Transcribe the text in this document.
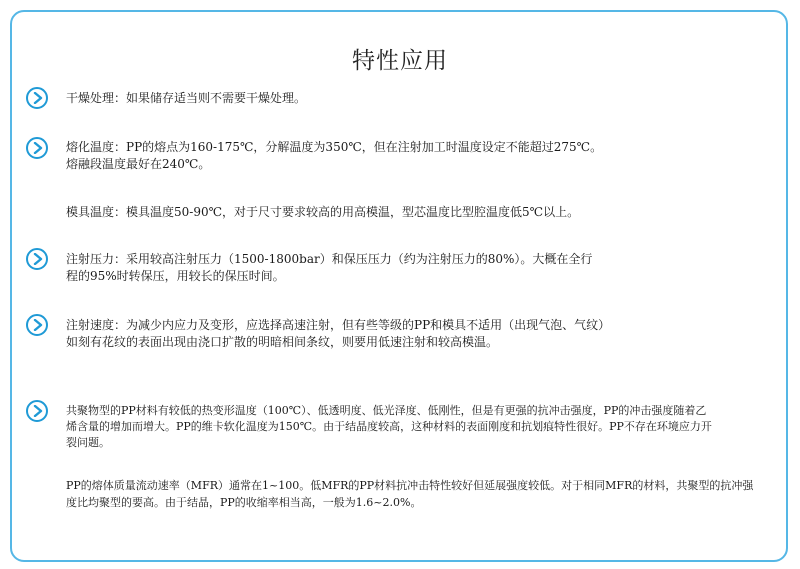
特性应用
干燥处理：如果储存适当则不需要干燥处理。
熔化温度：PP的熔点为160-175℃，分解温度为350℃，但在注射加工时温度设定不能超过275℃。
熔融段温度最好在240℃。
模具温度：模具温度50-90℃，对于尺寸要求较高的用高模温，型芯温度比型腔温度低5℃以上。
注射压力：采用较高注射压力（1500-1800bar）和保压压力（约为注射压力的80%）。大概在全行
程的95%时转保压，用较长的保压时间。
注射速度：为减少内应力及变形，应选择高速注射，但有些等级的PP和模具不适用（出现气泡、气纹）
如刻有花纹的表面出现由浇口扩散的明暗相间条纹，则要用低速注射和较高模温。
共聚物型的PP材料有较低的热变形温度（100℃）、低透明度、低光泽度、低刚性，但是有更强的抗冲击强度，PP的冲击强度随着乙
烯含量的增加而增大。PP的维卡软化温度为150℃。由于结晶度较高，这种材料的表面刚度和抗划痕特性很好。PP不存在环境应力开
裂问题。
PP的熔体质量流动速率（MFR）通常在1~100。低MFR的PP材料抗冲击特性较好但延展强度较低。对于相同MFR的材料，共聚型的抗冲强
度比均聚型的要高。由于结晶，PP的收缩率相当高，一般为1.6~2.0%。
